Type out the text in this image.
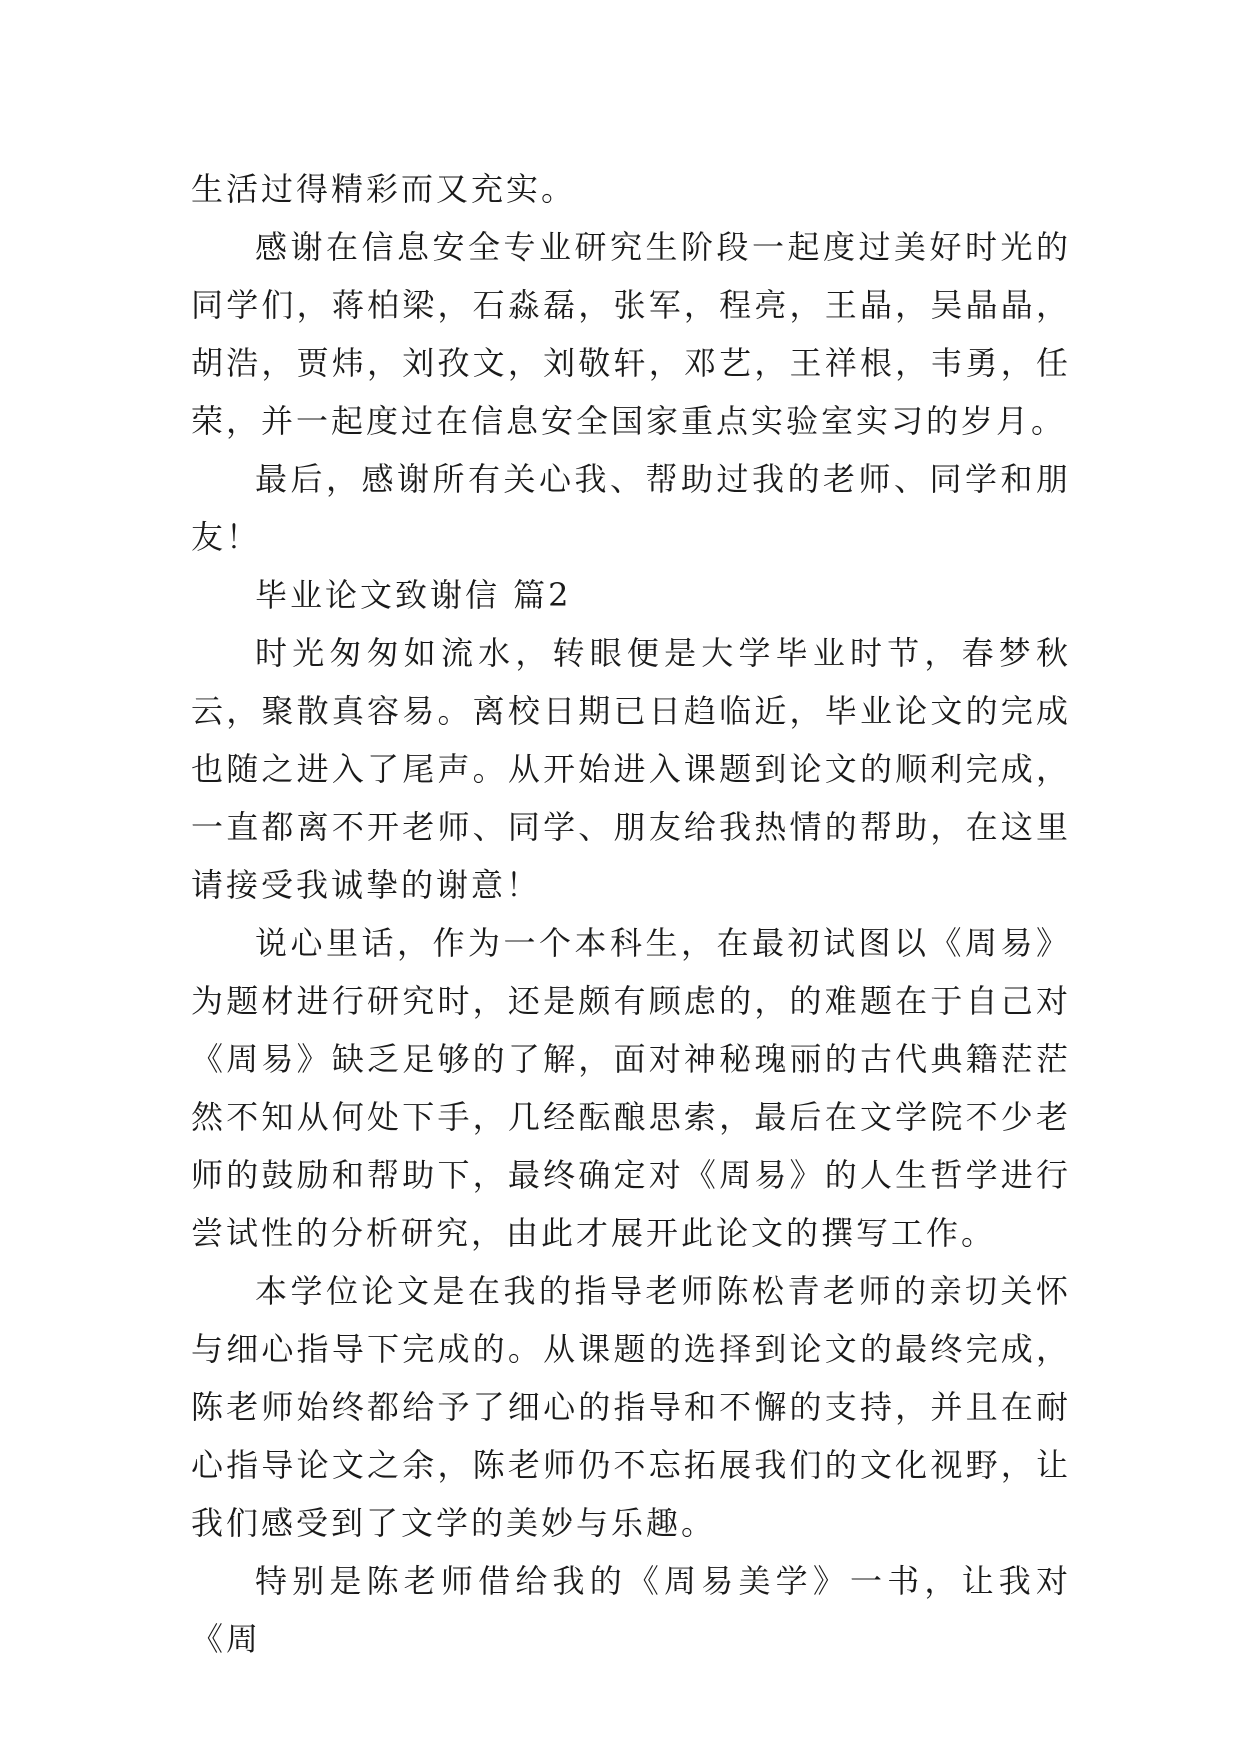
生活过得精彩而又充实。

感谢在信息安全专业研究生阶段一起度过美好时光的同学们，蒋柏梁，石淼磊，张军，程亮，王晶，吴晶晶，胡浩，贾炜，刘孜文，刘敬轩，邓艺，王祥根，韦勇，任荣，并一起度过在信息安全国家重点实验室实习的岁月。

最后，感谢所有关心我、帮助过我的老师、同学和朋友！

毕业论文致谢信 篇2

时光匆匆如流水，转眼便是大学毕业时节，春梦秋云，聚散真容易。离校日期已日趋临近，毕业论文的完成也随之进入了尾声。从开始进入课题到论文的顺利完成，一直都离不开老师、同学、朋友给我热情的帮助，在这里请接受我诚挚的谢意！

说心里话，作为一个本科生，在最初试图以《周易》为题材进行研究时，还是颇有顾虑的，的难题在于自己对《周易》缺乏足够的了解，面对神秘瑰丽的古代典籍茫茫然不知从何处下手，几经酝酿思索，最后在文学院不少老师的鼓励和帮助下，最终确定对《周易》的人生哲学进行尝试性的分析研究，由此才展开此论文的撰写工作。

本学位论文是在我的指导老师陈松青老师的亲切关怀与细心指导下完成的。从课题的选择到论文的最终完成，陈老师始终都给予了细心的指导和不懈的支持，并且在耐心指导论文之余，陈老师仍不忘拓展我们的文化视野，让我们感受到了文学的美妙与乐趣。

特别是陈老师借给我的《周易美学》一书，让我对《周
